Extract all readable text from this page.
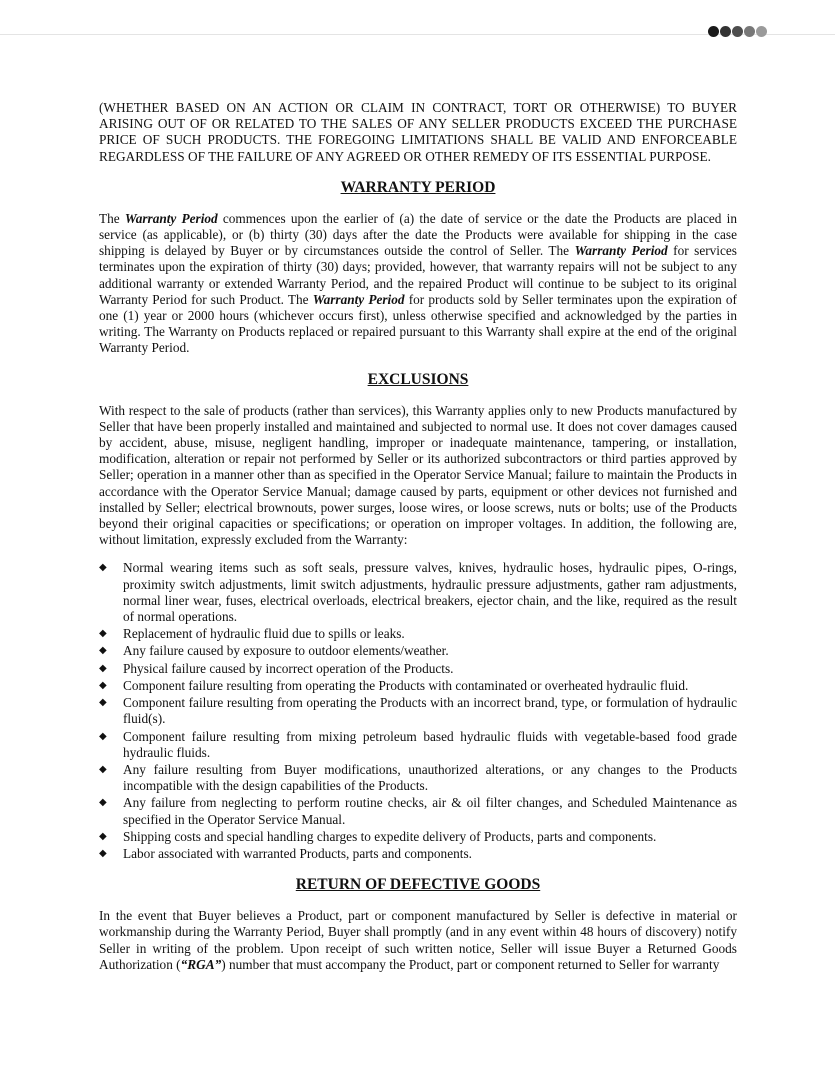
(WHETHER BASED ON AN ACTION OR CLAIM IN CONTRACT, TORT OR OTHERWISE) TO BUYER ARISING OUT OF OR RELATED TO THE SALES OF ANY SELLER PRODUCTS EXCEED THE PURCHASE PRICE OF SUCH PRODUCTS. THE FOREGOING LIMITATIONS SHALL BE VALID AND ENFORCEABLE REGARDLESS OF THE FAILURE OF ANY AGREED OR OTHER REMEDY OF ITS ESSENTIAL PURPOSE.

WARRANTY PERIOD

The Warranty Period commences upon the earlier of (a) the date of service or the date the Products are placed in service (as applicable), or (b) thirty (30) days after the date the Products were available for shipping in the case shipping is delayed by Buyer or by circumstances outside the control of Seller. The Warranty Period for services terminates upon the expiration of thirty (30) days; provided, however, that warranty repairs will not be subject to any additional warranty or extended Warranty Period, and the repaired Product will continue to be subject to its original Warranty Period for such Product. The Warranty Period for products sold by Seller terminates upon the expiration of one (1) year or 2000 hours (whichever occurs first), unless otherwise specified and acknowledged by the parties in writing. The Warranty on Products replaced or repaired pursuant to this Warranty shall expire at the end of the original Warranty Period.

EXCLUSIONS

With respect to the sale of products (rather than services), this Warranty applies only to new Products manufactured by Seller that have been properly installed and maintained and subjected to normal use. It does not cover damages caused by accident, abuse, misuse, negligent handling, improper or inadequate maintenance, tampering, or installation, modification, alteration or repair not performed by Seller or its authorized subcontractors or third parties approved by Seller; operation in a manner other than as specified in the Operator Service Manual; failure to maintain the Products in accordance with the Operator Service Manual; damage caused by parts, equipment or other devices not furnished and installed by Seller; electrical brownouts, power surges, loose wires, or loose screws, nuts or bolts; use of the Products beyond their original capacities or specifications; or operation on improper voltages. In addition, the following are, without limitation, expressly excluded from the Warranty:

◆ Normal wearing items such as soft seals, pressure valves, knives, hydraulic hoses, hydraulic pipes, O-rings, proximity switch adjustments, limit switch adjustments, hydraulic pressure adjustments, gather ram adjustments, normal liner wear, fuses, electrical overloads, electrical breakers, ejector chain, and the like, required as the result of normal operations.
◆ Replacement of hydraulic fluid due to spills or leaks.
◆ Any failure caused by exposure to outdoor elements/weather.
◆ Physical failure caused by incorrect operation of the Products.
◆ Component failure resulting from operating the Products with contaminated or overheated hydraulic fluid.
◆ Component failure resulting from operating the Products with an incorrect brand, type, or formulation of hydraulic fluid(s).
◆ Component failure resulting from mixing petroleum based hydraulic fluids with vegetable-based food grade hydraulic fluids.
◆ Any failure resulting from Buyer modifications, unauthorized alterations, or any changes to the Products incompatible with the design capabilities of the Products.
◆ Any failure from neglecting to perform routine checks, air & oil filter changes, and Scheduled Maintenance as specified in the Operator Service Manual.
◆ Shipping costs and special handling charges to expedite delivery of Products, parts and components.
◆ Labor associated with warranted Products, parts and components.
RETURN OF DEFECTIVE GOODS

In the event that Buyer believes a Product, part or component manufactured by Seller is defective in material or workmanship during the Warranty Period, Buyer shall promptly (and in any event within 48 hours of discovery) notify Seller in writing of the problem. Upon receipt of such written notice, Seller will issue Buyer a Returned Goods Authorization (“RGA”) number that must accompany the Product, part or component returned to Seller for warranty
